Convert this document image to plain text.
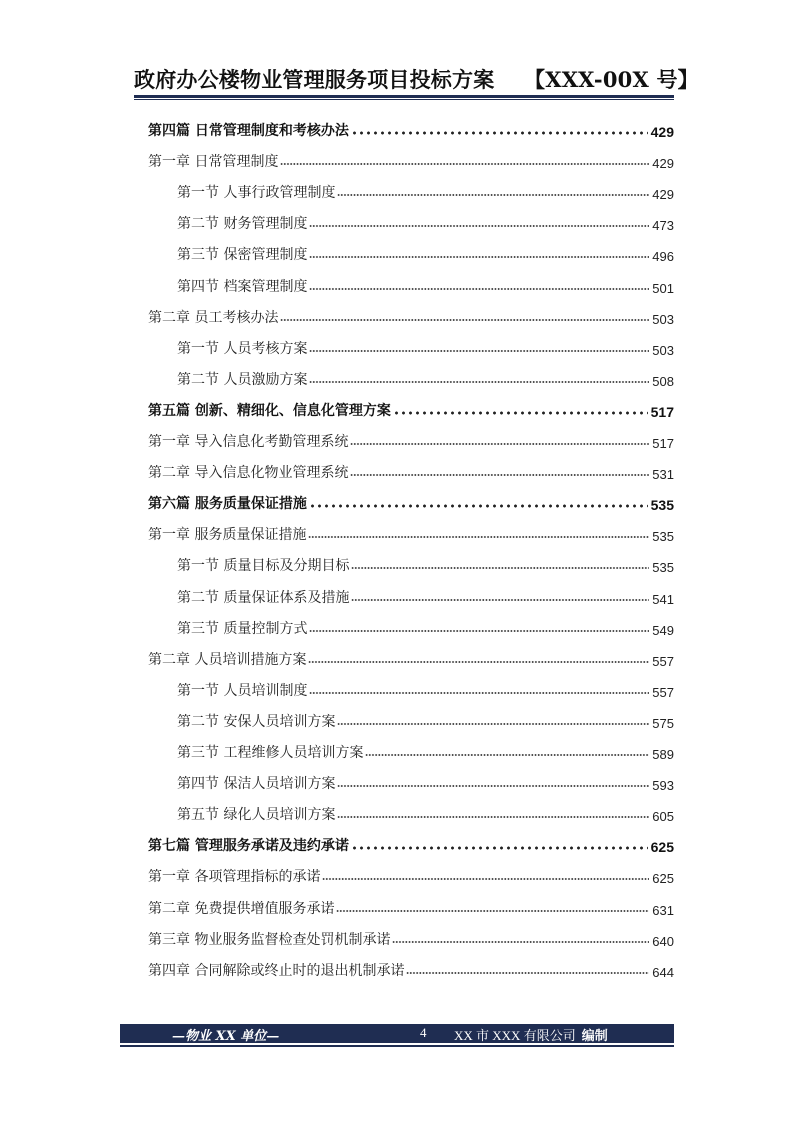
政府办公楼物业管理服务项目投标方案 【XXX-00X 号】
第四篇 日常管理制度和考核办法	429
第一章 日常管理制度	429
第一节 人事行政管理制度	429
第二节 财务管理制度	473
第三节 保密管理制度	496
第四节 档案管理制度	501
第二章 员工考核办法	503
第一节 人员考核方案	503
第二节 人员激励方案	508
第五篇 创新、精细化、信息化管理方案	517
第一章 导入信息化考勤管理系统	517
第二章 导入信息化物业管理系统	531
第六篇 服务质量保证措施	535
第一章 服务质量保证措施	535
第一节 质量目标及分期目标	535
第二节 质量保证体系及措施	541
第三节 质量控制方式	549
第二章 人员培训措施方案	557
第一节 人员培训制度	557
第二节 安保人员培训方案	575
第三节 工程维修人员培训方案	589
第四节 保洁人员培训方案	593
第五节 绿化人员培训方案	605
第七篇 管理服务承诺及违约承诺	625
第一章 各项管理指标的承诺	625
第二章 免费提供增值服务承诺	631
第三章 物业服务监督检查处罚机制承诺	640
第四章 合同解除或终止时的退出机制承诺	644
—物业 XX 单位—	4 XX 市 XXX 有限公司 编制
